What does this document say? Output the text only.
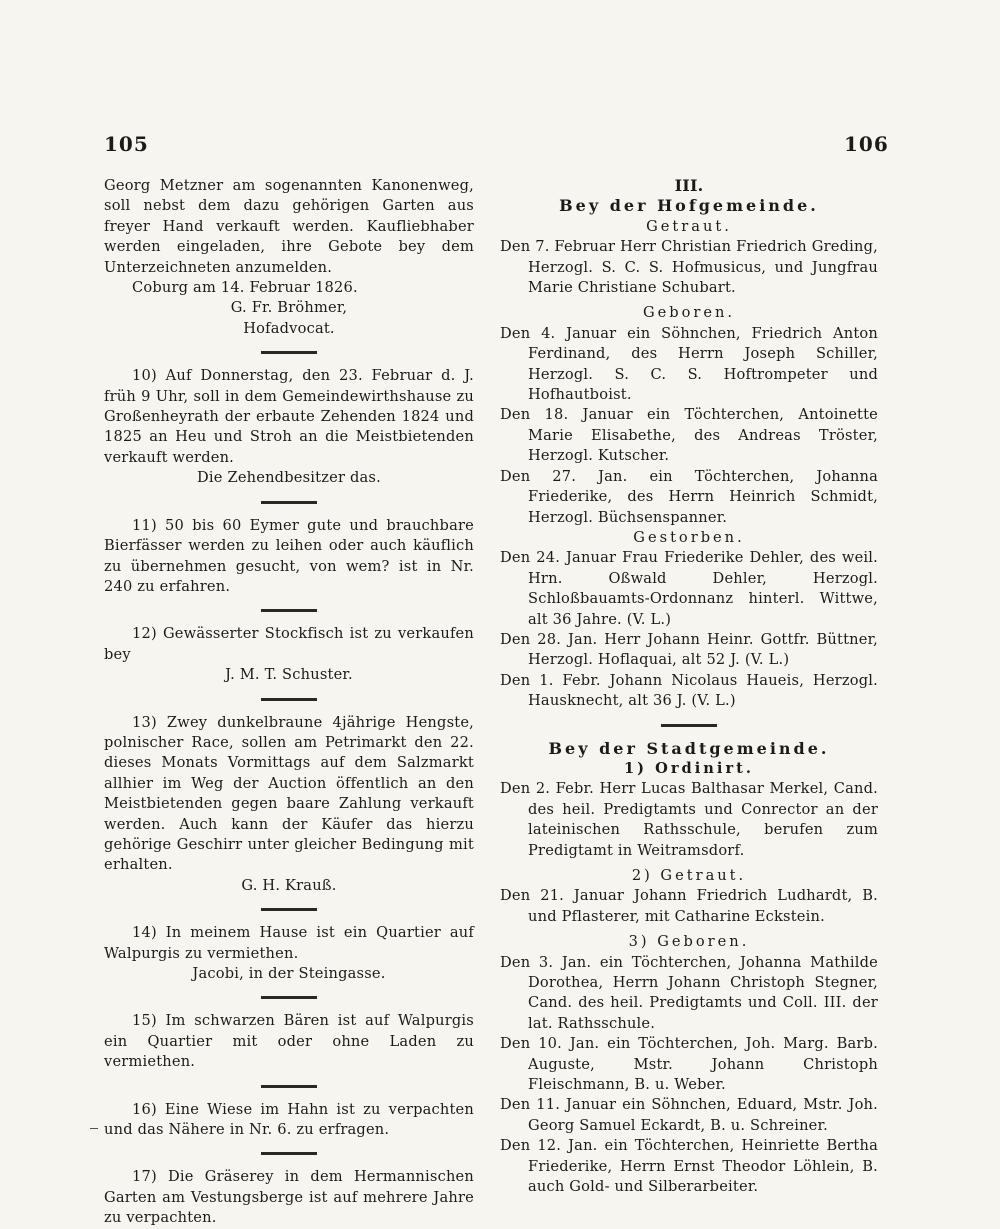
105	106

Georg Metzner am sogenannten Kanonenweg, soll nebst dem dazu gehörigen Garten aus freyer Hand verkauft werden. Kaufliebhaber werden eingeladen, ihre Gebote bey dem Unterzeichneten anzumelden.

Coburg am 14. Februar 1826.

G. Fr. Bröhmer,

Hofadvocat.

10) Auf Donnerstag, den 23. Februar d. J. früh 9 Uhr, soll in dem Gemeindewirthshause zu Großenheyrath der erbaute Zehenden 1824 und 1825 an Heu und Stroh an die Meistbietenden verkauft werden.

Die Zehendbesitzer das.

11) 50 bis 60 Eymer gute und brauchbare Bierfässer werden zu leihen oder auch käuflich zu übernehmen gesucht, von wem? ist in Nr. 240 zu erfahren.

12) Gewässerter Stockfisch ist zu verkaufen bey

J. M. T. Schuster.

13) Zwey dunkelbraune 4jährige Hengste, polnischer Race, sollen am Petrimarkt den 22. dieses Monats Vormittags auf dem Salzmarkt allhier im Weg der Auction öffentlich an den Meistbietenden gegen baare Zahlung verkauft werden. Auch kann der Käufer das hierzu gehörige Geschirr unter gleicher Bedingung mit erhalten.

G. H. Krauß.

14) In meinem Hause ist ein Quartier auf Walpurgis zu vermiethen.

Jacobi, in der Steingasse.

15) Im schwarzen Bären ist auf Walpurgis ein Quartier mit oder ohne Laden zu vermiethen.

16) Eine Wiese im Hahn ist zu verpachten und das Nähere in Nr. 6. zu erfragen.

17) Die Gräserey in dem Hermannischen Garten am Vestungsberge ist auf mehrere Jahre zu verpachten.

III.

Bey der Hofgemeinde.

Getraut.

Den 7. Februar Herr Christian Friedrich Greding, Herzogl. S. C. S. Hofmusicus, und Jungfrau Marie Christiane Schubart.

Geboren.

Den 4. Januar ein Söhnchen, Friedrich Anton Ferdinand, des Herrn Joseph Schiller, Herzogl. S. C. S. Hoftrompeter und Hofhautboist.

Den 18. Januar ein Töchterchen, Antoinette Marie Elisabethe, des Andreas Tröster, Herzogl. Kutscher.

Den 27. Jan. ein Töchterchen, Johanna Friederike, des Herrn Heinrich Schmidt, Herzogl. Büchsenspanner.

Gestorben.

Den 24. Januar Frau Friederike Dehler, des weil. Hrn. Oßwald Dehler, Herzogl. Schloßbauamts-Ordonnanz hinterl. Wittwe, alt 36 Jahre. (V. L.)

Den 28. Jan. Herr Johann Heinr. Gottfr. Büttner, Herzogl. Hoflaquai, alt 52 J. (V. L.)

Den 1. Febr. Johann Nicolaus Haueis, Herzogl. Hausknecht, alt 36 J. (V. L.)

Bey der Stadtgemeinde.

1) Ordinirt.

Den 2. Febr. Herr Lucas Balthasar Merkel, Cand. des heil. Predigtamts und Conrector an der lateinischen Rathsschule, berufen zum Predigtamt in Weitramsdorf.

2) Getraut.

Den 21. Januar Johann Friedrich Ludhardt, B. und Pflasterer, mit Catharine Eckstein.

3) Geboren.

Den 3. Jan. ein Töchterchen, Johanna Mathilde Dorothea, Herrn Johann Christoph Stegner, Cand. des heil. Predigtamts und Coll. III. der lat. Rathsschule.

Den 10. Jan. ein Töchterchen, Joh. Marg. Barb. Auguste, Mstr. Johann Christoph Fleischmann, B. u. Weber.

Den 11. Januar ein Söhnchen, Eduard, Mstr. Joh. Georg Samuel Eckardt, B. u. Schreiner.

Den 12. Jan. ein Töchterchen, Heinriette Bertha Friederike, Herrn Ernst Theodor Löhlein, B. auch Gold- und Silberarbeiter.
